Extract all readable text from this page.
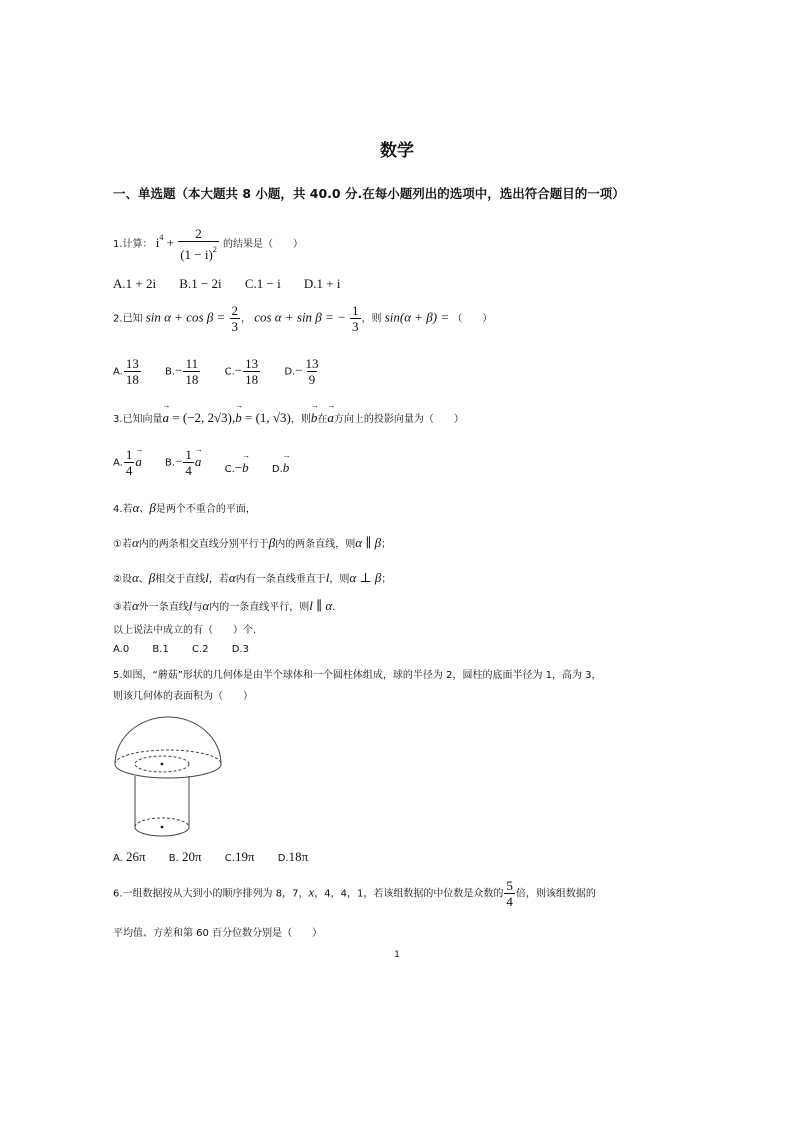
数学
一、单选题（本大题共 8 小题，共 40.0 分.在每小题列出的选项中，选出符合题目的一项）
1.计算： $i^4 + \frac{2}{(1 - i)^2}$ 的结果是（　　）
A.1 + 2i B.1 − 2i C.1 − i D.1 + i
2.已知 $\sin \alpha + \cos \beta = \frac{2}{3}$ ， cos α + sin β = − $\frac{1}{3}$ ，则 sin(α + β) = （　　）
A. $\frac{13}{18} B.- \frac{11}{18} C.- \frac{13}{18} D.- \frac{13}{9}$
3.已知向量→ a = (−2, 2√3),→ b = (1, √3)，则→ b在→ a方向上的投影向量为（　　）
A. $\frac{1}{4}$
→ a $B.- \frac{1}{4}$
→ a C.−→ b D.→ b
4.若α、β是两个不重合的平面，
①若α内的两条相交直线分别平行于β内的两条直线，则α ∥ β；
②设α、β相交于直线l，若α内有一条直线垂直于l，则α ⊥ β；
③若α外一条直线l与α内的一条直线平行，则l ∥ α.
以上说法中成立的有（　　）个.
A.0 B.1 C.2 D.3
5.如图，“蘑菇”形状的几何体是由半个球体和一个圆柱体组成，球的半径为 2，圆柱的底面半径为 1，高为 3，
则该几何体的表面积为（　　）
A. 26π B. 20π C.19π D.18π
6.一组数据按从大到小的顺序排列为 8，7，x，4，4，1，若该组数据的中位数是众数的 $\frac{5}{4}$ 倍，则该组数据的
平均值、方差和第 60 百分位数分别是（　　）
1
